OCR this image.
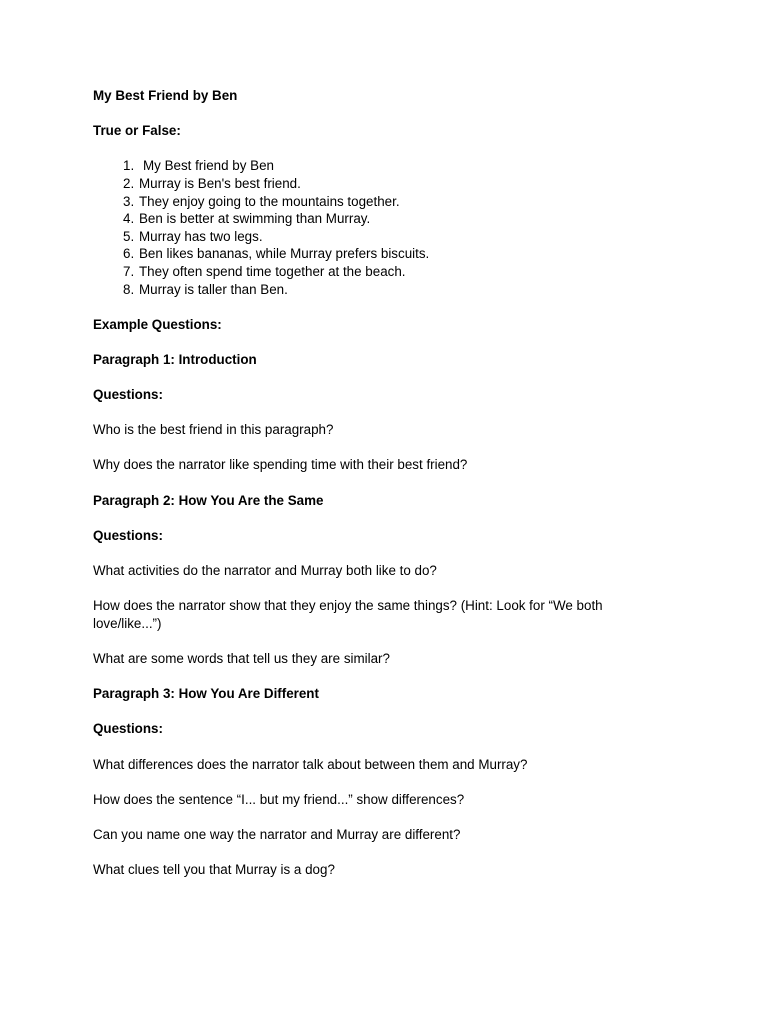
My Best Friend by Ben

True or False:

1. My Best friend by Ben
2. Murray is Ben's best friend.
3. They enjoy going to the mountains together.
4. Ben is better at swimming than Murray.
5. Murray has two legs.
6. Ben likes bananas, while Murray prefers biscuits.
7. They often spend time together at the beach.
8. Murray is taller than Ben.

Example Questions:

Paragraph 1: Introduction

Questions:

Who is the best friend in this paragraph?

Why does the narrator like spending time with their best friend?

Paragraph 2: How You Are the Same

Questions:

What activities do the narrator and Murray both like to do?

How does the narrator show that they enjoy the same things? (Hint: Look for “We both love/like...”)

What are some words that tell us they are similar?

Paragraph 3: How You Are Different

Questions:

What differences does the narrator talk about between them and Murray?

How does the sentence “I... but my friend...” show differences?

Can you name one way the narrator and Murray are different?

What clues tell you that Murray is a dog?
